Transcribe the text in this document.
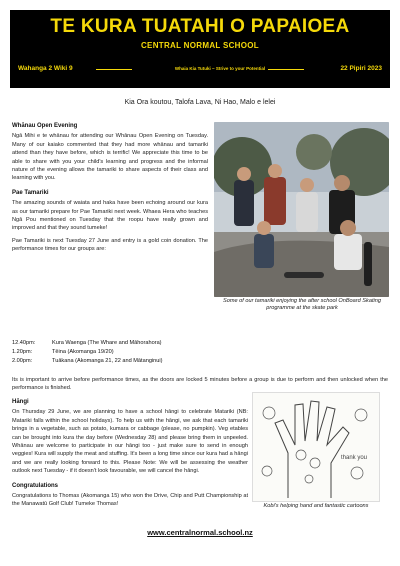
TE KURA TUATAHI O PAPAIOEA
CENTRAL NORMAL SCHOOL
Wahanga 2 Wiki 9	Whaia Kia Tutuki ~ Strive to your Potential	22 Pipiri 2023
Kia Ora koutou, Talofa Lava, Ni Hao, Malo e lelei
Whānau Open Evening

Ngā Mihi e te whānau for attending our Whānau Open Evening on Tuesday. Many of our kaiako commented that they had more whānau and tamariki attend than they have before, which is terrific! We appreciate this time to be able to share with you your child's learning and progress and the informal nature of the evening allows the tamariki to share aspects of their class and learning with you.

Pae Tamariki

The amazing sounds of waiata and haka have been echoing around our kura as our tamariki prepare for Pae Tamariki next week. Whaea Hera who teaches Ngā Pou mentioned on Tuesday that the roopu have really grown and improved and that they sound tumeke!

Pae Tamariki is next Tuesday 27 June and entry is a gold coin donation. The performance times for our groups are:

12.40pm:	Kura Waenga (The Whare and Māhorahora)
1.20pm:	Tēina (Akomanga 19/20)
2.00pm:	Tuākana (Akomanga 21, 22 and Mātanginui)
Some of our tamariki enjoying the after school OnBoard Skating programme at the skate park

Its is important to arrive before performance times, as the doors are locked 5 minutes before a group is due to perform and then unlocked when the performance is finished.

Hāngi

On Thursday 29 June, we are planning to have a school hāngi to celebrate Matariki (NB: Matariki falls within the school holidays). To help us with the hāngi, we ask that each tamariki brings in a vegetable, such as potato, kumara or cabbage (please, no pumpkin). Veg etables can be brought into kura the day before (Wednesday 28) and please bring them in unpeeled. Whānau are welcome to participate in our hāngi too - just make sure to send in enough veggies! Kura will supply the meat and stuffing. It's been a long time since our kura had a hāngi and we are really looking forward to this. Please Note: We will be assessing the weather outlook next Tuesday - if it doesn't look favourable, we will cancel the hāngi.

Congratulations

Congratulations to Thomas (Akomanga 15) who won the Drive, Chip and Putt Championship at the Manawatū Golf Club! Tumeke Thomas!

thank you
Kobi's helping hand and fantastic cartoons
www.centralnormal.school.nz
